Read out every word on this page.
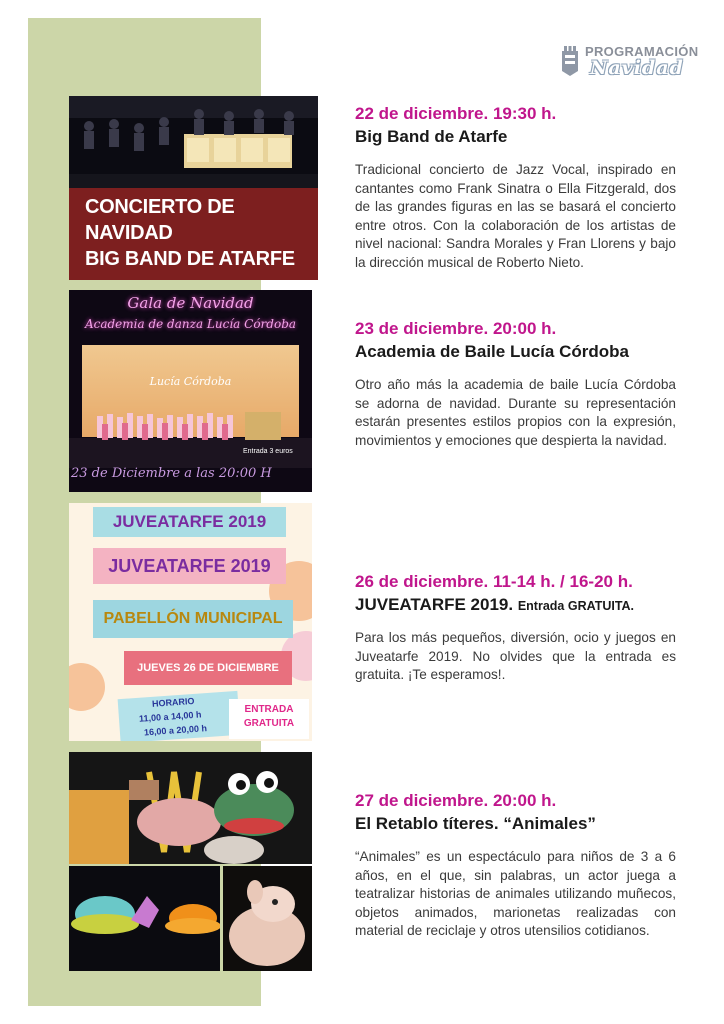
PROGRAMACIÓN
Navidad
CONCIERTO DE
NAVIDAD
BIG BAND DE ATARFE
Gala de Navidad
Academia de danza Lucía Córdoba
Lucía Córdoba
Entrada 3 euros
23 de Diciembre a las 20:00 H
JUVEATARFE 2019
JUVEATARFE 2019
PABELLÓN MUNICIPAL
JUEVES 26 DE DICIEMBRE
HORARIO
11,00 a 14,00 h
16,00 a 20,00 h
ENTRADA
GRATUITA
22 de diciembre. 19:30 h.
Big Band de Atarfe
Tradicional concierto de Jazz Vocal, inspirado en cantantes como Frank Sinatra o Ella Fitzgerald, dos de las grandes figuras en las se basará el concierto entre otros. Con la colaboración de los artistas de nivel nacional: Sandra Morales y Fran Llorens y bajo la dirección musical de Roberto Nieto.
23 de diciembre. 20:00 h.
Academia de Baile Lucía Córdoba
Otro año más la academia de baile Lucía Córdoba se adorna de navidad. Durante su representación estarán presentes estilos propios con la expresión, movimientos y emociones que despierta la navidad.
26 de diciembre. 11-14 h. / 16-20 h.
JUVEATARFE 2019. Entrada GRATUITA.
Para los más pequeños, diversión, ocio y juegos en Juveatarfe 2019. No olvides que la entrada es gratuita. ¡Te esperamos!.
27 de diciembre. 20:00 h.
El Retablo títeres. “Animales”
“Animales” es un espectáculo para niños de 3 a 6 años, en el que, sin palabras, un actor juega a teatralizar historias de animales utilizando muñecos, objetos animados, marionetas realizadas con material de reciclaje y otros utensilios cotidianos.
